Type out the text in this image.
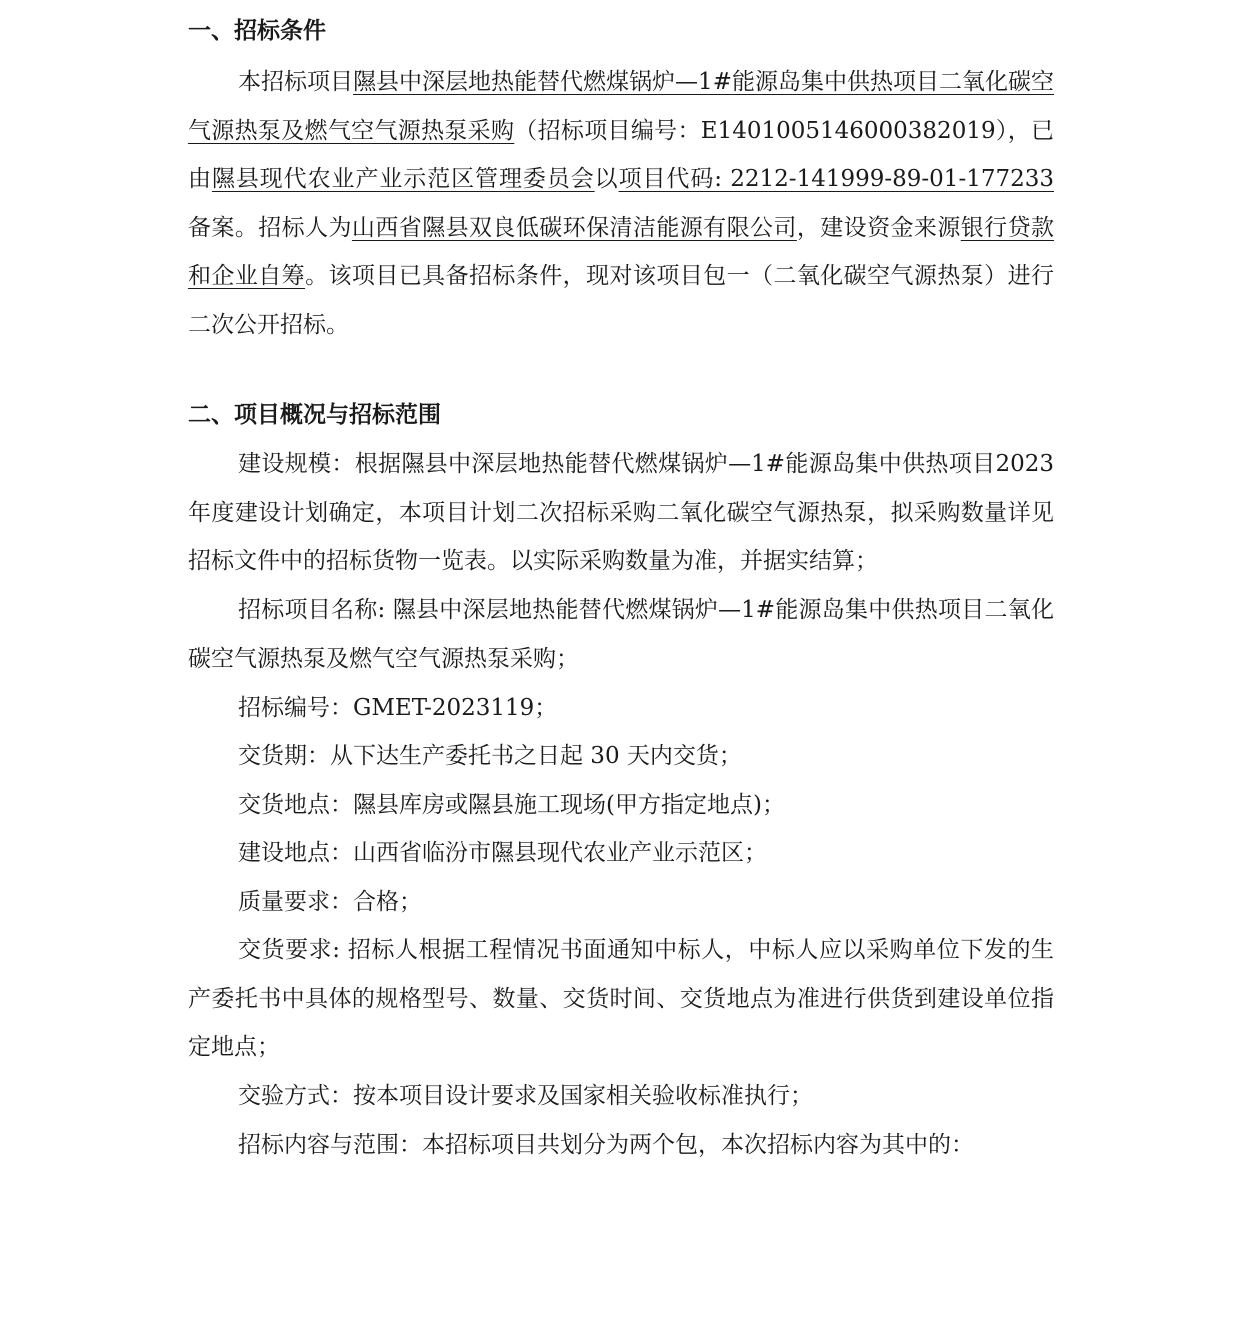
一、招标条件

本招标项目隰县中深层地热能替代燃煤锅炉—1#能源岛集中供热项目二氧化碳空气源热泵及燃气空气源热泵采购（招标项目编号：E1401005146000382019），已由隰县现代农业产业示范区管理委员会以项目代码: 2212-141999-89-01-177233备案。招标人为山西省隰县双良低碳环保清洁能源有限公司，建设资金来源银行贷款和企业自筹。该项目已具备招标条件，现对该项目包一（二氧化碳空气源热泵）进行二次公开招标。

二、项目概况与招标范围

建设规模：根据隰县中深层地热能替代燃煤锅炉—1#能源岛集中供热项目2023年度建设计划确定，本项目计划二次招标采购二氧化碳空气源热泵，拟采购数量详见招标文件中的招标货物一览表。以实际采购数量为准，并据实结算；

招标项目名称: 隰县中深层地热能替代燃煤锅炉—1#能源岛集中供热项目二氧化碳空气源热泵及燃气空气源热泵采购；

招标编号：GMET-2023119；

交货期：从下达生产委托书之日起 30 天内交货；

交货地点：隰县库房或隰县施工现场(甲方指定地点)；

建设地点：山西省临汾市隰县现代农业产业示范区；

质量要求：合格；

交货要求: 招标人根据工程情况书面通知中标人，中标人应以采购单位下发的生产委托书中具体的规格型号、数量、交货时间、交货地点为准进行供货到建设单位指定地点；

交验方式：按本项目设计要求及国家相关验收标准执行；

招标内容与范围：本招标项目共划分为两个包，本次招标内容为其中的：
